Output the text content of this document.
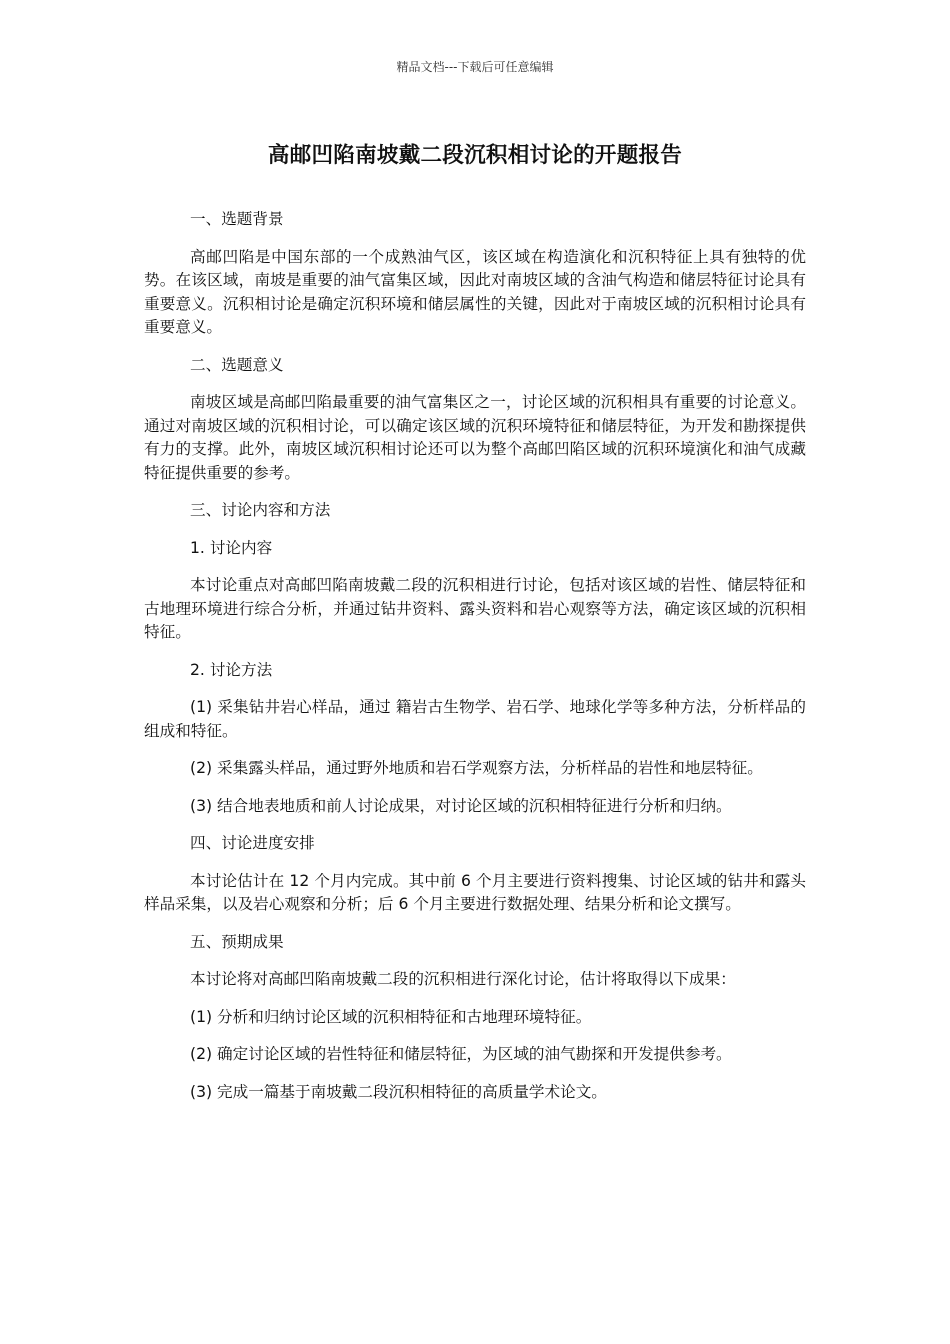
精品文档---下载后可任意编辑
高邮凹陷南坡戴二段沉积相讨论的开题报告
一、选题背景
高邮凹陷是中国东部的一个成熟油气区，该区域在构造演化和沉积特征上具有独特的优势。在该区域，南坡是重要的油气富集区域，因此对南坡区域的含油气构造和储层特征讨论具有重要意义。沉积相讨论是确定沉积环境和储层属性的关键，因此对于南坡区域的沉积相讨论具有重要意义。
二、选题意义
南坡区域是高邮凹陷最重要的油气富集区之一，讨论区域的沉积相具有重要的讨论意义。通过对南坡区域的沉积相讨论，可以确定该区域的沉积环境特征和储层特征，为开发和勘探提供有力的支撑。此外，南坡区域沉积相讨论还可以为整个高邮凹陷区域的沉积环境演化和油气成藏特征提供重要的参考。
三、讨论内容和方法
1. 讨论内容
本讨论重点对高邮凹陷南坡戴二段的沉积相进行讨论，包括对该区域的岩性、储层特征和古地理环境进行综合分析，并通过钻井资料、露头资料和岩心观察等方法，确定该区域的沉积相特征。
2. 讨论方法
(1) 采集钻井岩心样品，通过 籍岩古生物学、岩石学、地球化学等多种方法，分析样品的组成和特征。
(2) 采集露头样品，通过野外地质和岩石学观察方法，分析样品的岩性和地层特征。
(3) 结合地表地质和前人讨论成果，对讨论区域的沉积相特征进行分析和归纳。
四、讨论进度安排
本讨论估计在 12 个月内完成。其中前 6 个月主要进行资料搜集、讨论区域的钻井和露头样品采集，以及岩心观察和分析；后 6 个月主要进行数据处理、结果分析和论文撰写。
五、预期成果
本讨论将对高邮凹陷南坡戴二段的沉积相进行深化讨论，估计将取得以下成果：
(1) 分析和归纳讨论区域的沉积相特征和古地理环境特征。
(2) 确定讨论区域的岩性特征和储层特征，为区域的油气勘探和开发提供参考。
(3) 完成一篇基于南坡戴二段沉积相特征的高质量学术论文。
